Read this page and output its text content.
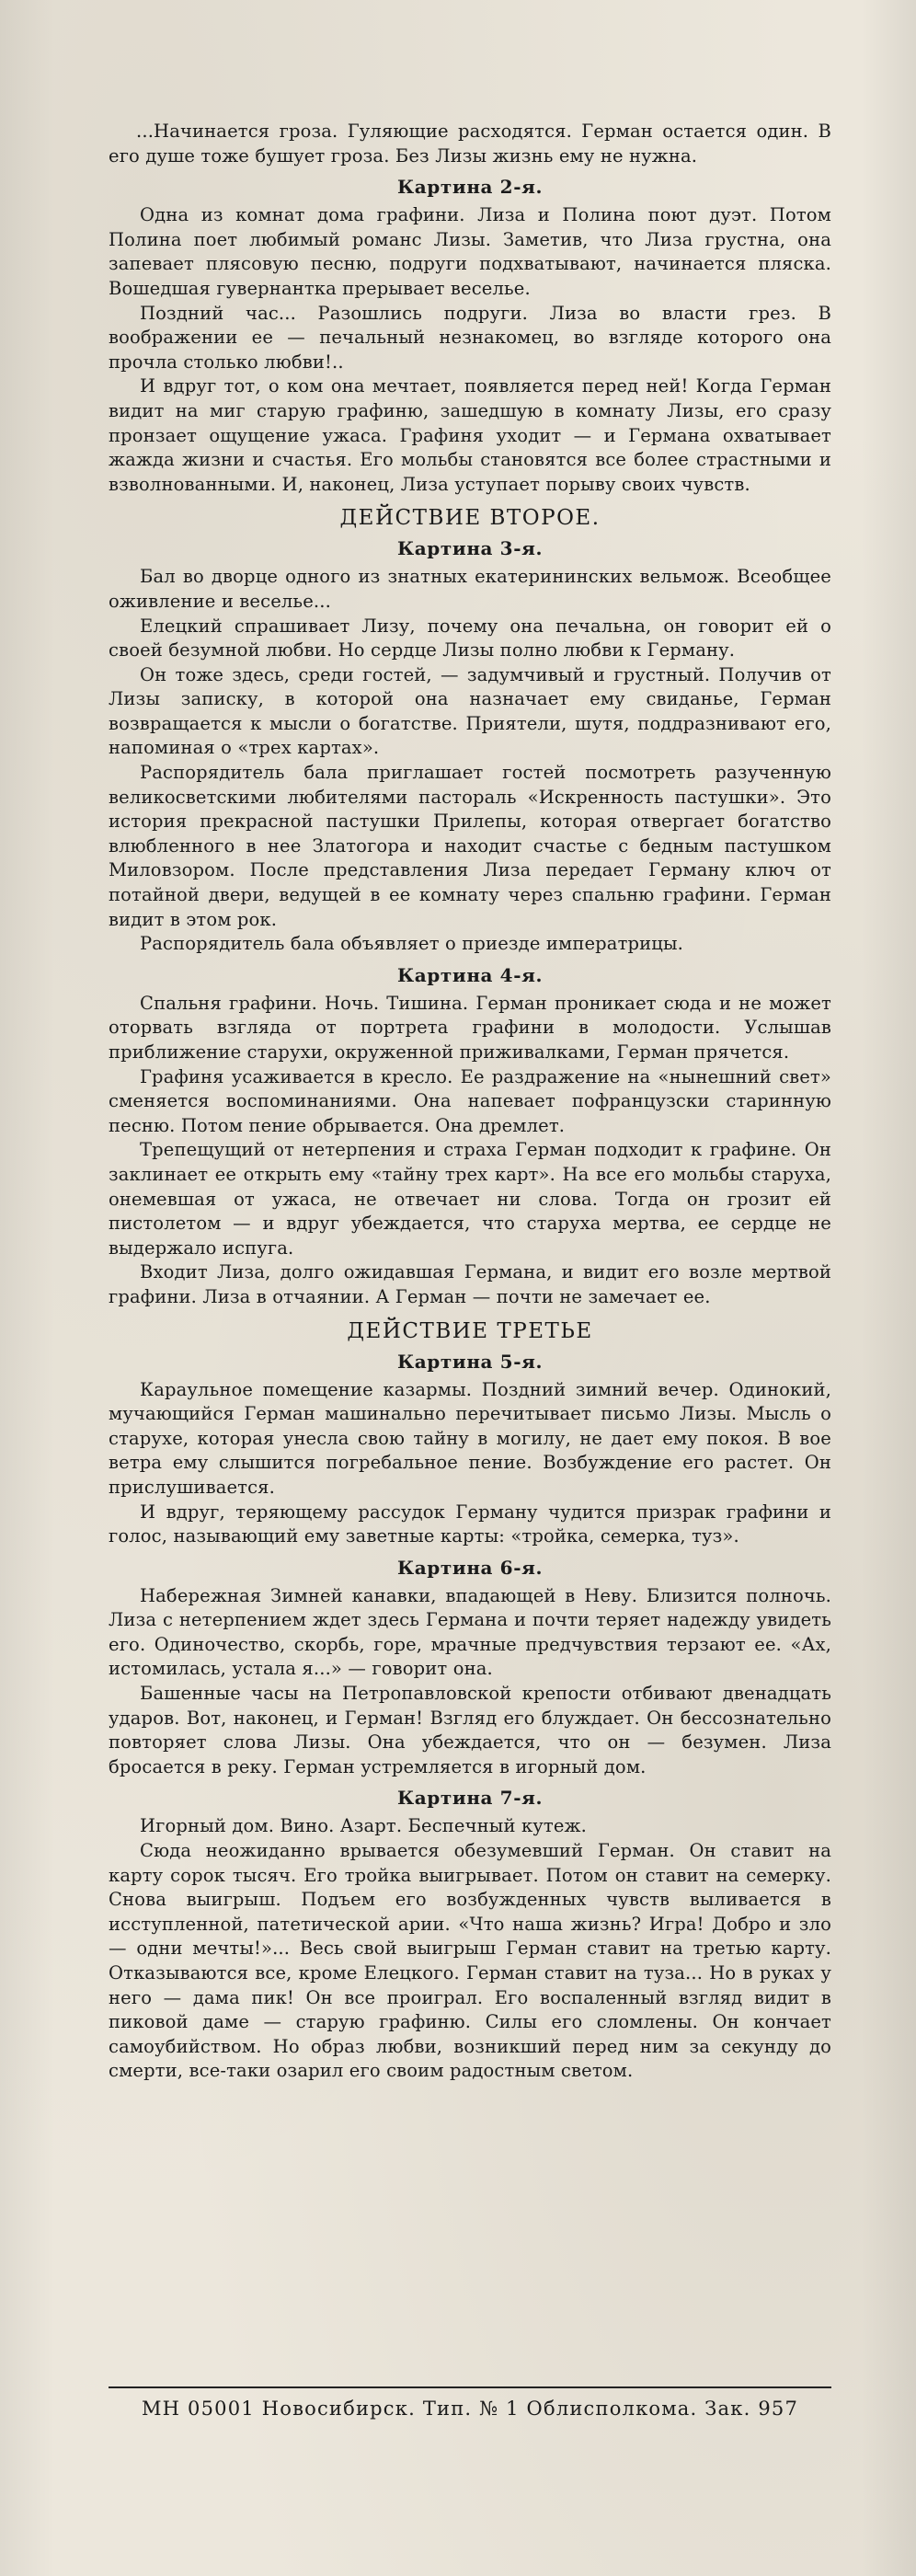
...Начинается гроза. Гуляющие расходятся. Герман остается один. В его душе тоже бушует гроза. Без Лизы жизнь ему не нужна.

Картина 2-я.

Одна из комнат дома графини. Лиза и Полина поют дуэт. Потом Полина поет любимый романс Лизы. Заметив, что Лиза грустна, она запевает плясовую песню, подруги подхватывают, начинается пляска. Вошедшая гувернантка прерывает веселье.

Поздний час... Разошлись подруги. Лиза во власти грез. В воображении ее — печальный незнакомец, во взгляде которого она прочла столько любви!..

И вдруг тот, о ком она мечтает, появляется перед ней! Когда Герман видит на миг старую графиню, зашедшую в комнату Лизы, его сразу пронзает ощущение ужаса. Графиня уходит — и Германа охватывает жажда жизни и счастья. Его мольбы становятся все более страстными и взволнованными. И, наконец, Лиза уступает порыву своих чувств.

ДЕЙСТВИЕ ВТОРОЕ.
Картина 3-я.

Бал во дворце одного из знатных екатерининских вельмож. Всеобщее оживление и веселье...

Елецкий спрашивает Лизу, почему она печальна, он говорит ей о своей безумной любви. Но сердце Лизы полно любви к Герману.

Он тоже здесь, среди гостей, — задумчивый и грустный. Получив от Лизы записку, в которой она назначает ему свиданье, Герман возвращается к мысли о богатстве. Приятели, шутя, поддразнивают его, напоминая о «трех картах».

Распорядитель бала приглашает гостей посмотреть разученную великосветскими любителями пастораль «Искренность пастушки». Это история прекрасной пастушки Прилепы, которая отвергает богатство влюбленного в нее Златогора и находит счастье с бедным пастушком Миловзором. После представления Лиза передает Герману ключ от потайной двери, ведущей в ее комнату через спальню графини. Герман видит в этом рок.

Распорядитель бала объявляет о приезде императрицы.

Картина 4-я.

Спальня графини. Ночь. Тишина. Герман проникает сюда и не может оторвать взгляда от портрета графини в молодости. Услышав приближение старухи, окруженной приживалками, Герман прячется.

Графиня усаживается в кресло. Ее раздражение на «нынешний свет» сменяется воспоминаниями. Она напевает пофранцузски старинную песню. Потом пение обрывается. Она дремлет.

Трепещущий от нетерпения и страха Герман подходит к графине. Он заклинает ее открыть ему «тайну трех карт». На все его мольбы старуха, онемевшая от ужаса, не отвечает ни слова. Тогда он грозит ей пистолетом — и вдруг убеждается, что старуха мертва, ее сердце не выдержало испуга.

Входит Лиза, долго ожидавшая Германа, и видит его возле мертвой графини. Лиза в отчаянии. А Герман — почти не замечает ее.

ДЕЙСТВИЕ ТРЕТЬЕ
Картина 5-я.

Караульное помещение казармы. Поздний зимний вечер. Одинокий, мучающийся Герман машинально перечитывает письмо Лизы. Мысль о старухе, которая унесла свою тайну в могилу, не дает ему покоя. В вое ветра ему слышится погребальное пение. Возбуждение его растет. Он прислушивается.

И вдруг, теряющему рассудок Герману чудится призрак графини и голос, называющий ему заветные карты: «тройка, семерка, туз».

Картина 6-я.

Набережная Зимней канавки, впадающей в Неву. Близится полночь. Лиза с нетерпением ждет здесь Германа и почти теряет надежду увидеть его. Одиночество, скорбь, горе, мрачные предчувствия терзают ее. «Ах, истомилась, устала я...» — говорит она.

Башенные часы на Петропавловской крепости отбивают двенадцать ударов. Вот, наконец, и Герман! Взгляд его блуждает. Он бессознательно повторяет слова Лизы. Она убеждается, что он — безумен. Лиза бросается в реку. Герман устремляется в игорный дом.

Картина 7-я.

Игорный дом. Вино. Азарт. Беспечный кутеж.

Сюда неожиданно врывается обезумевший Герман. Он ставит на карту сорок тысяч. Его тройка выигрывает. Потом он ставит на семерку. Снова выигрыш. Подъем его возбужденных чувств выливается в исступленной, патетической арии. «Что наша жизнь? Игра! Добро и зло — одни мечты!»... Весь свой выигрыш Герман ставит на третью карту. Отказываются все, кроме Елецкого. Герман ставит на туза... Но в руках у него — дама пик! Он все проиграл. Его воспаленный взгляд видит в пиковой даме — старую графиню. Силы его сломлены. Он кончает самоубийством. Но образ любви, возникший перед ним за секунду до смерти, все-таки озарил его своим радостным светом.

МН 05001 Новосибирск. Тип. № 1 Облисполкома. Зак. 957
